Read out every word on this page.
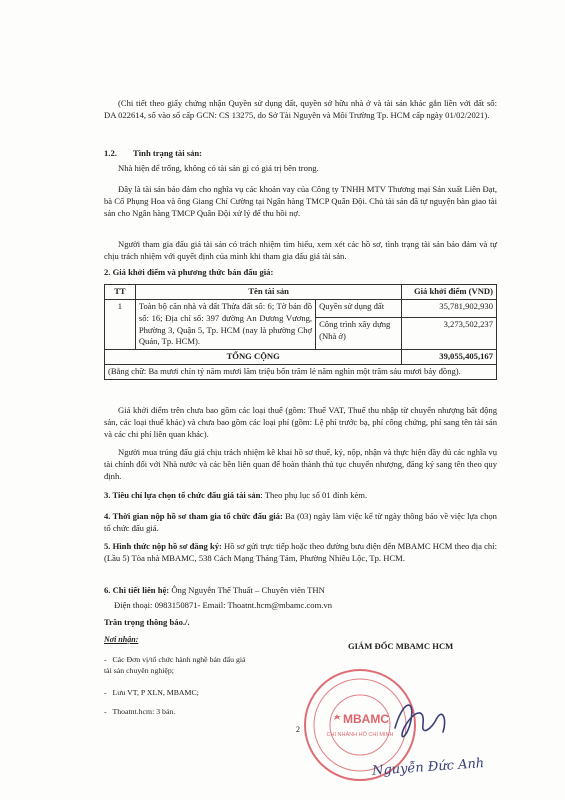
(Chi tiết theo giấy chứng nhận Quyền sử dụng đất, quyền sở hữu nhà ở và tài sản khác gắn liền với đất số: DA 022614, số vào sổ cấp GCN: CS 13275, do Sở Tài Nguyên và Môi Trường Tp. HCM cấp ngày 01/02/2021).

1.2. Tình trạng tài sản:

Nhà hiện để trống, không có tài sản gì có giá trị bên trong.

Đây là tài sản bảo đảm cho nghĩa vụ các khoản vay của Công ty TNHH MTV Thương mại Sản xuất Liên Đạt, bà Cổ Phụng Hoa và ông Giang Chí Cường tại Ngân hàng TMCP Quân Đội. Chủ tài sản đã tự nguyện bàn giao tài sản cho Ngân hàng TMCP Quân Đội xử lý để thu hồi nợ.

Người tham gia đấu giá tài sản có trách nhiệm tìm hiểu, xem xét các hồ sơ, tình trạng tài sản bảo đảm và tự chịu trách nhiệm với quyết định của mình khi tham gia đấu giá tài sản.

2. Giá khởi điểm và phương thức bán đấu giá:

TT	Tên tài sản		Giá khởi điểm (VND)
1	Toàn bộ căn nhà và đất Thửa đất số: 6; Tờ bản đồ số: 16; Địa chỉ số: 397 đường An Dương Vương, Phường 3, Quận 5, Tp. HCM (nay là phường Chợ Quán, Tp. HCM).	Quyền sử dụng đất	35,781,902,930
		Công trình xây dựng (Nhà ở)	3,273,502,237
TỔNG CỘNG			39,055,405,167
(Bằng chữ: Ba mươi chín tỷ năm mươi lăm triệu bốn trăm lẻ năm nghìn một trăm sáu mươi bảy đồng).			

Giá khởi điểm trên chưa bao gồm các loại thuế (gồm: Thuế VAT, Thuế thu nhập từ chuyển nhượng bất động sản, các loại thuế khác) và chưa bao gồm các loại phí (gồm: Lệ phí trước bạ, phí công chứng, phí sang tên tài sản và các chi phí liên quan khác).

Người mua trúng đấu giá chịu trách nhiệm kê khai hồ sơ thuế, ký, nộp, nhận và thực hiện đầy đủ các nghĩa vụ tài chính đối với Nhà nước và các bên liên quan để hoàn thành thủ tục chuyển nhượng, đăng ký sang tên theo quy định.

3. Tiêu chí lựa chọn tổ chức đấu giá tài sản: Theo phụ lục số 01 đính kèm.

4. Thời gian nộp hồ sơ tham gia tổ chức đấu giá: Ba (03) ngày làm việc kể từ ngày thông báo về việc lựa chọn tổ chức đấu giá.

5. Hình thức nộp hồ sơ đăng ký: Hồ sơ gửi trực tiếp hoặc theo đường bưu điện đến MBAMC HCM theo địa chỉ: (Lầu 5) Tòa nhà MBAMC, 538 Cách Mạng Tháng Tám, Phường Nhiêu Lộc, Tp. HCM.

6. Chi tiết liên hệ: Ông Nguyễn Thế Thuất – Chuyên viên THN

Điện thoại: 0983150871- Email: Thoatnt.hcm@mbamc.com.vn

Trân trọng thông báo./.

Nơi nhận:

-   Các Đơn vị/tổ chức hành nghề bán đấu giá tài sản chuyên nghiệp;

-   Lưu VT, P XLN, MBAMC;

-   Thoatnt.hcm: 3 bản.

GIÁM ĐỐC MBAMC HCM

MBAMC
CHI NHÁNH HỒ CHÍ MINH

Nguyễn Đức Anh

2
